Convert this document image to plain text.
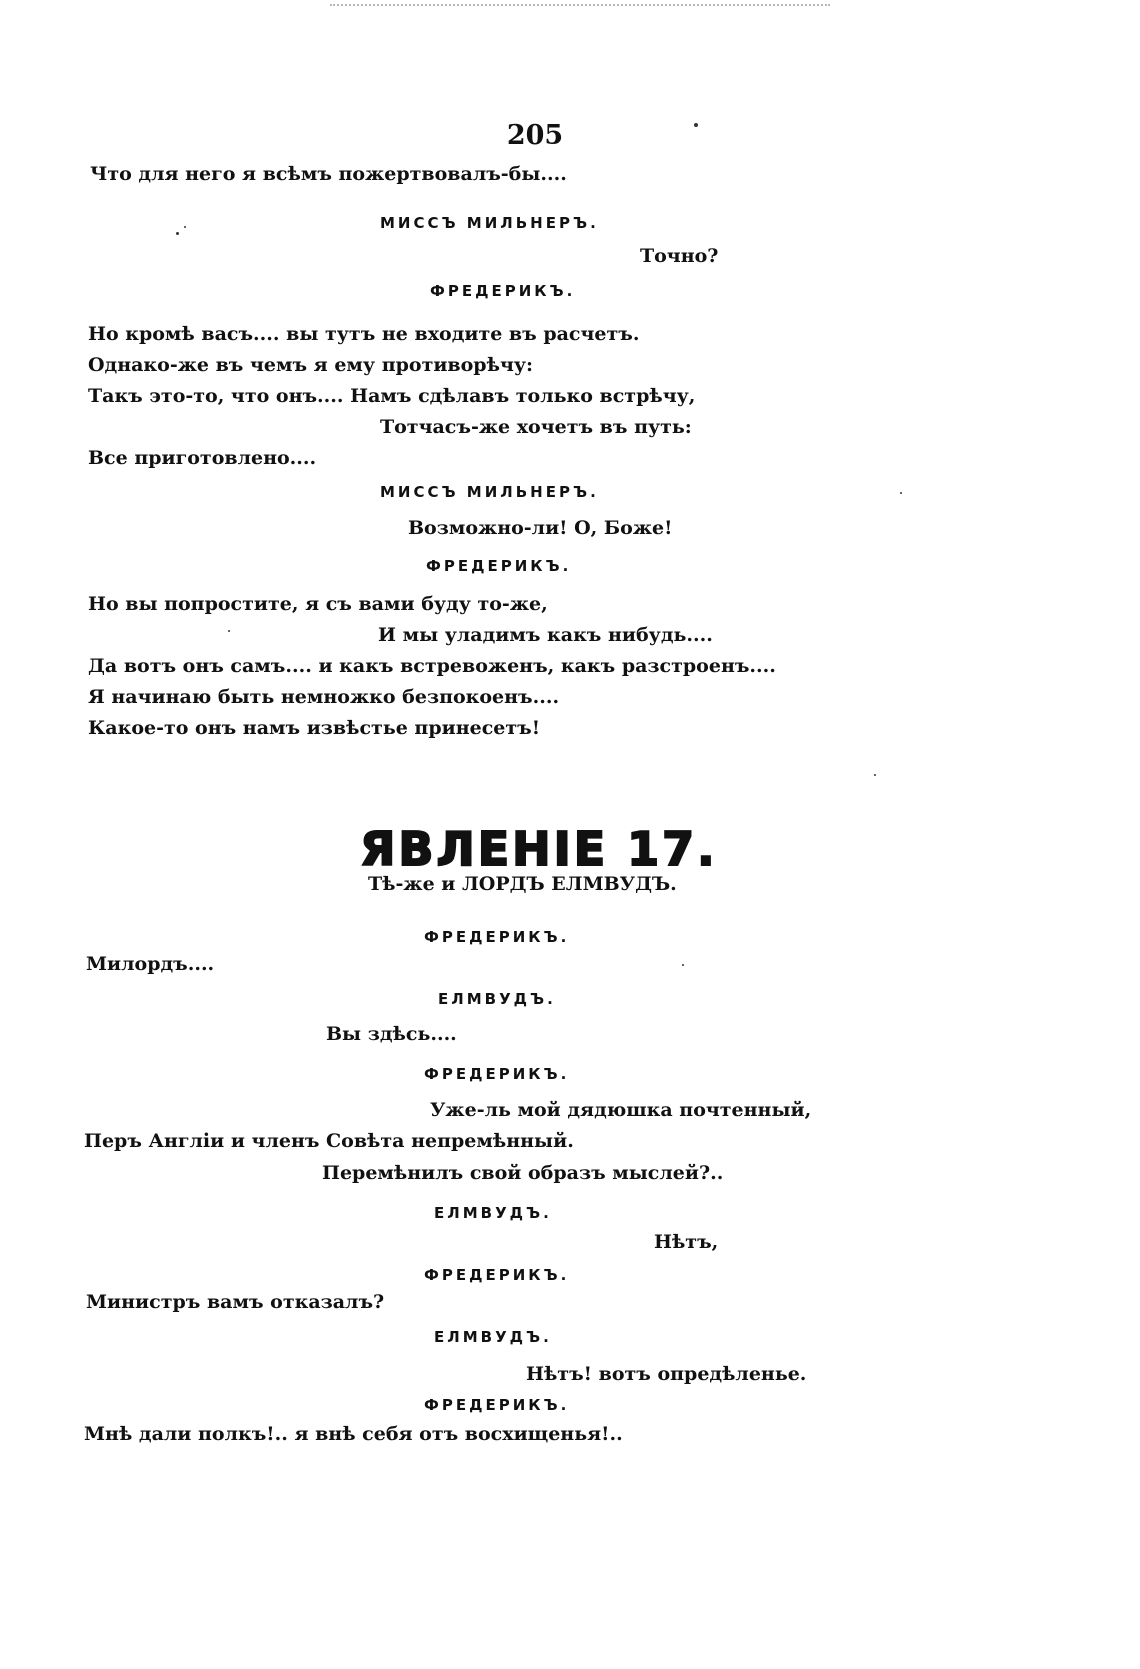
205
Что для него я всѣмъ пожертвовалъ-бы....
МИССЪ МИЛЬНЕРЪ.
Точно?
ФРЕДЕРИКЪ.
Но кромѣ васъ.... вы тутъ не входите въ расчетъ.
Однако-же въ чемъ я ему противорѣчу:
Такъ это-то, что онъ.... Намъ сдѣлавъ только встрѣчу,
Тотчасъ-же хочетъ въ путь:
Все приготовлено....
МИССЪ МИЛЬНЕРЪ.
Возможно-ли! О, Боже!
ФРЕДЕРИКЪ.
Но вы попростите, я съ вами буду то-же,
И мы уладимъ какъ нибудь....
Да вотъ онъ самъ.... и какъ встревоженъ, какъ разстроенъ....
Я начинаю быть немножко безпокоенъ....
Какое-то онъ намъ извѣстье принесетъ!
ЯВЛЕНІЕ 17.
Тѣ-же и ЛОРДЪ ЕЛМВУДЪ.
ФРЕДЕРИКЪ.
Милордъ....
ЕЛМВУДЪ.
Вы здѣсь....
ФРЕДЕРИКЪ.
Уже-ль мой дядюшка почтенный,
Перъ Англіи и членъ Совѣта непремѣнный.
Перемѣнилъ свой образъ мыслей?..
ЕЛМВУДЪ.
Нѣтъ,
ФРЕДЕРИКЪ.
Министръ вамъ отказалъ?
ЕЛМВУДЪ.
Нѣтъ! вотъ опредѣленье.
ФРЕДЕРИКЪ.
Мнѣ дали полкъ!.. я внѣ себя отъ восхищенья!..
